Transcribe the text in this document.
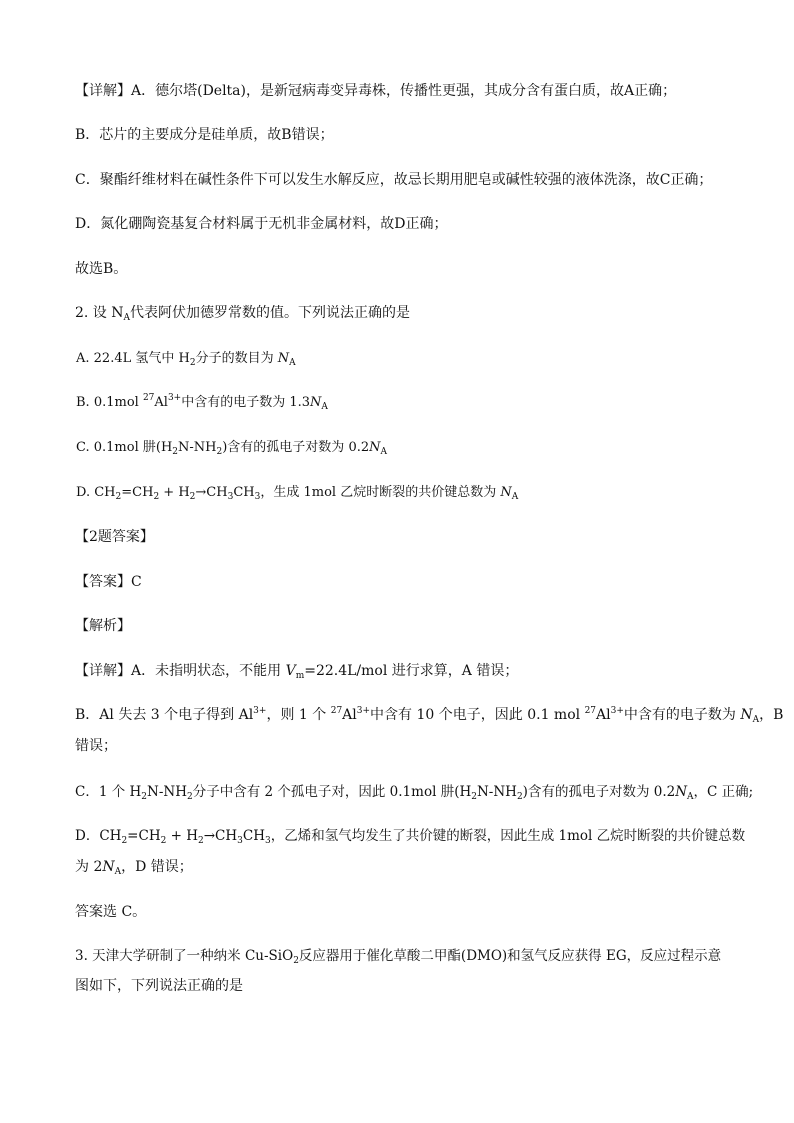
【详解】A．德尔塔(Delta)，是新冠病毒变异毒株，传播性更强，其成分含有蛋白质，故A正确；
B．芯片的主要成分是硅单质，故B错误；
C．聚酯纤维材料在碱性条件下可以发生水解反应，故忌长期用肥皂或碱性较强的液体洗涤，故C正确；
D．氮化硼陶瓷基复合材料属于无机非金属材料，故D正确；
故选B。
2. 设 $N_A$代表阿伏加德罗常数的值。下列说法正确的是
A. 22.4L 氢气中 $H_2$分子的数目为 $N_A$
B. 0.1mol $^{27}Al^{3+}$中含有的电子数为 $1.3N_A$
C. 0.1mol 肼$(H_2N-NH_2)$含有的孤电子对数为 $0.2N_A$
D. $CH_2=CH_2 + H_2\to CH_3CH_3$，生成 1mol 乙烷时断裂的共价键总数为 $N_A$
【2题答案】
【答案】C
【解析】
【详解】A．未指明状态，不能用 $V_m=22.4L$/mol 进行求算，A 错误；
B．Al 失去 3 个电子得到 $Al^{3+}$，则 1 个 $^{27}Al^{3+}$中含有 10 个电子，因此 0.1 mol $^{27}Al^{3+}$中含有的电子数为 $N_A$，B
错误；
C．1 个 $H_2N-NH_2$分子中含有 2 个孤电子对，因此 0.1mol 肼$(H_2N-NH_2)$含有的孤电子对数为 $0.2N_A$，C 正确;
D．$CH_2=CH_2 + H_2\to CH_3CH_3$，乙烯和氢气均发生了共价键的断裂，因此生成 1mol 乙烷时断裂的共价键总数
为 $2N_A$，D 错误；
答案选 C。
3. 天津大学研制了一种纳米 Cu-SiO$_2$反应器用于催化草酸二甲酯(DMO)和氢气反应获得 EG，反应过程示意
图如下，下列说法正确的是
